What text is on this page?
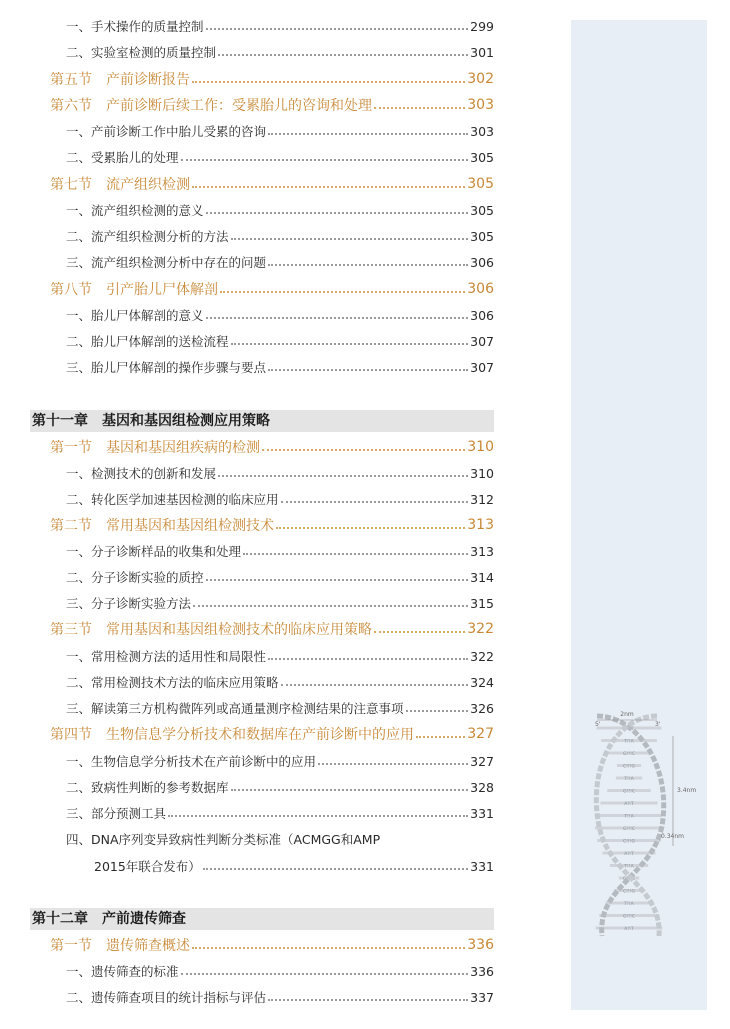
一、手术操作的质量控制	299
二、实验室检测的质量控制	301
第五节　产前诊断报告	302
第六节　产前诊断后续工作：受累胎儿的咨询和处理	303
一、产前诊断工作中胎儿受累的咨询	303
二、受累胎儿的处理	305
第七节　流产组织检测	305
一、流产组织检测的意义	305
二、流产组织检测分析的方法	305
三、流产组织检测分析中存在的问题	306
第八节　引产胎儿尸体解剖	306
一、胎儿尸体解剖的意义	306
二、胎儿尸体解剖的送检流程	307
三、胎儿尸体解剖的操作步骤与要点	307
第十一章　基因和基因组检测应用策略
第一节　基因和基因组疾病的检测	310
一、检测技术的创新和发展	310
二、转化医学加速基因检测的临床应用	312
第二节　常用基因和基因组检测技术	313
一、分子诊断样品的收集和处理	313
二、分子诊断实验的质控	314
三、分子诊断实验方法	315
第三节　常用基因和基因组检测技术的临床应用策略	322
一、常用检测方法的适用性和局限性	322
二、常用检测技术方法的临床应用策略	324
三、解读第三方机构微阵列或高通量测序检测结果的注意事项	326
第四节　生物信息学分析技术和数据库在产前诊断中的应用	327
一、生物信息学分析技术在产前诊断中的应用	327
二、致病性判断的参考数据库	328
三、部分预测工具	331
四、DNA序列变异致病性判断分类标准（ACMGG和AMP
2015年联合发布）	331
第十二章　产前遗传筛查
第一节　遗传筛查概述	336
一、遗传筛查的标准	336
二、遗传筛查项目的统计指标与评估	337
A!!T
T!!A
G!!!C
C!!!G
T!!A
G!!!C
A!!T
T!!A
G!!!C
C!!!G
A!!T
T!!A
G!!!C
C!!!G
T!!A
G!!!C
A!!T
2nm
5'	3'
3.4nm
0.34nm
